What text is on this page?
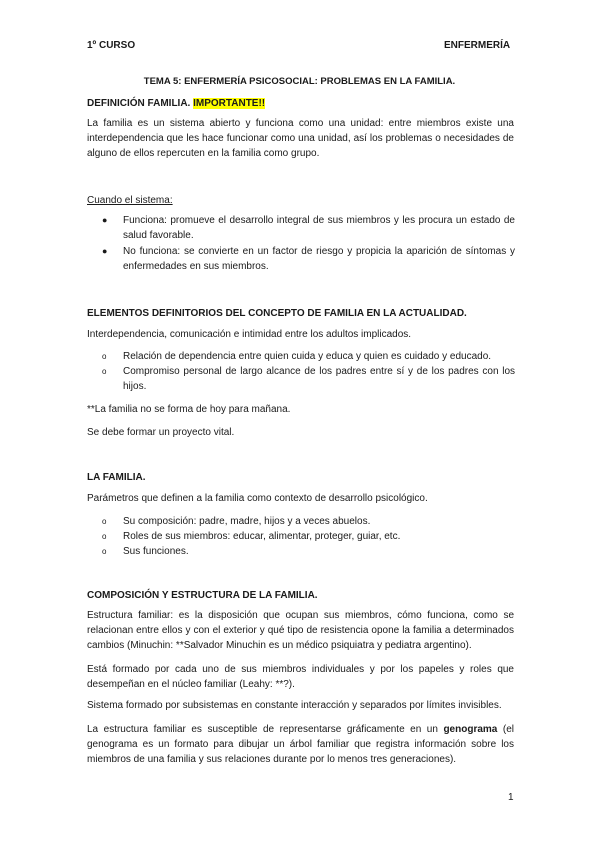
1º CURSO	ENFERMERÍA
TEMA 5: ENFERMERÍA PSICOSOCIAL: PROBLEMAS EN LA FAMILIA.
DEFINICIÓN FAMILIA. IMPORTANTE!!
La familia es un sistema abierto y funciona como una unidad: entre miembros existe una interdependencia que les hace funcionar como una unidad, así los problemas o necesidades de alguno de ellos repercuten en la familia como grupo.
Cuando el sistema:
● Funciona: promueve el desarrollo integral de sus miembros y les procura un estado de salud favorable.
● No funciona: se convierte en un factor de riesgo y propicia la aparición de síntomas y enfermedades en sus miembros.
ELEMENTOS DEFINITORIOS DEL CONCEPTO DE FAMILIA EN LA ACTUALIDAD.
Interdependencia, comunicación e intimidad entre los adultos implicados.
o Relación de dependencia entre quien cuida y educa y quien es cuidado y educado.
o Compromiso personal de largo alcance de los padres entre sí y de los padres con los hijos.
**La familia no se forma de hoy para mañana.
Se debe formar un proyecto vital.
LA FAMILIA.
Parámetros que definen a la familia como contexto de desarrollo psicológico.
o Su composición: padre, madre, hijos y a veces abuelos.
o Roles de sus miembros: educar, alimentar, proteger, guiar, etc.
o Sus funciones.
COMPOSICIÓN Y ESTRUCTURA DE LA FAMILIA.
Estructura familiar: es la disposición que ocupan sus miembros, cómo funciona, como se relacionan entre ellos y con el exterior y qué tipo de resistencia opone la familia a determinados cambios (Minuchin: **Salvador Minuchin es un médico psiquiatra y pediatra argentino).
Está formado por cada uno de sus miembros individuales y por los papeles y roles que desempeñan en el núcleo familiar (Leahy: **?).
Sistema formado por subsistemas en constante interacción y separados por límites invisibles.
La estructura familiar es susceptible de representarse gráficamente en un genograma (el genograma es un formato para dibujar un árbol familiar que registra información sobre los miembros de una familia y sus relaciones durante por lo menos tres generaciones).
1
